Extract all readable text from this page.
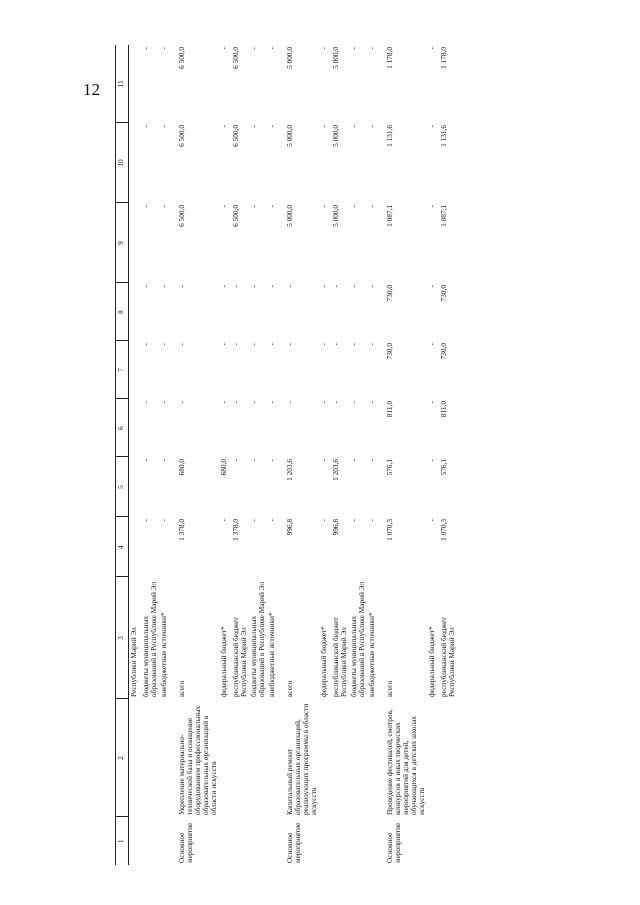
12
1	2	3	4	5	6	7	8	9	10	11
		Республики Марий Эл								
		бюджеты муниципальных образований в Республике Марий Эл	-	-	-	-	-	-	-	-
		внебюджетные источники*	-	-	-	-	-	-	-	-

Основное мероприятие	Укрепление материально-технической базы и оснащение оборудованием профессиональных образовательных организаций в области искусств	всего	1 378,0	680,0	-	-	-	6 500,0	6 500,0	6 500,0
		федеральный бюджет*	-	680,0	-	-	-	-	-	-
		республиканский бюджет Республики Марий Эл	1 378,0	-	-	-	-	6 500,0	6 500,0	6 500,0
		бюджеты муниципальных образований в Республике Марий Эл	-	-	-	-	-	-	-	-
		внебюджетные источники*	-	-	-	-	-	-	-	-

Основное мероприятие	Капитальный ремонт образовательных организаций, реализующих программы в области искусств	всего	996,8	1 203,6	-	-	-	5 000,0	5 000,0	5 000,0
		федеральный бюджет*	-	-	-	-	-	-	-	-
		республиканский бюджет Республики Марий Эл	996,8	1 203,6	-	-	-	5 000,0	5 000,0	5 000,0
		бюджеты муниципальных образований в Республике Марий Эл	-	-	-	-	-	-	-	-
		внебюджетные источники*	-	-	-	-	-	-	-	-

Основное мероприятие	Проведение фестивалей, смотров, конкурсов и иных творческих мероприятий для детей, обучающихся в детских школах искусств	всего	1 070,3	576,1	811,0	730,0	730,0	1 087,1	1 131,6	1 178,0
		федеральный бюджет*	-	-	-	-	-	-	-	-
		республиканский бюджет Республики Марий Эл	1 070,3	576,1	811,0	730,0	730,0	1 087,1	1 131,6	1 178,0
